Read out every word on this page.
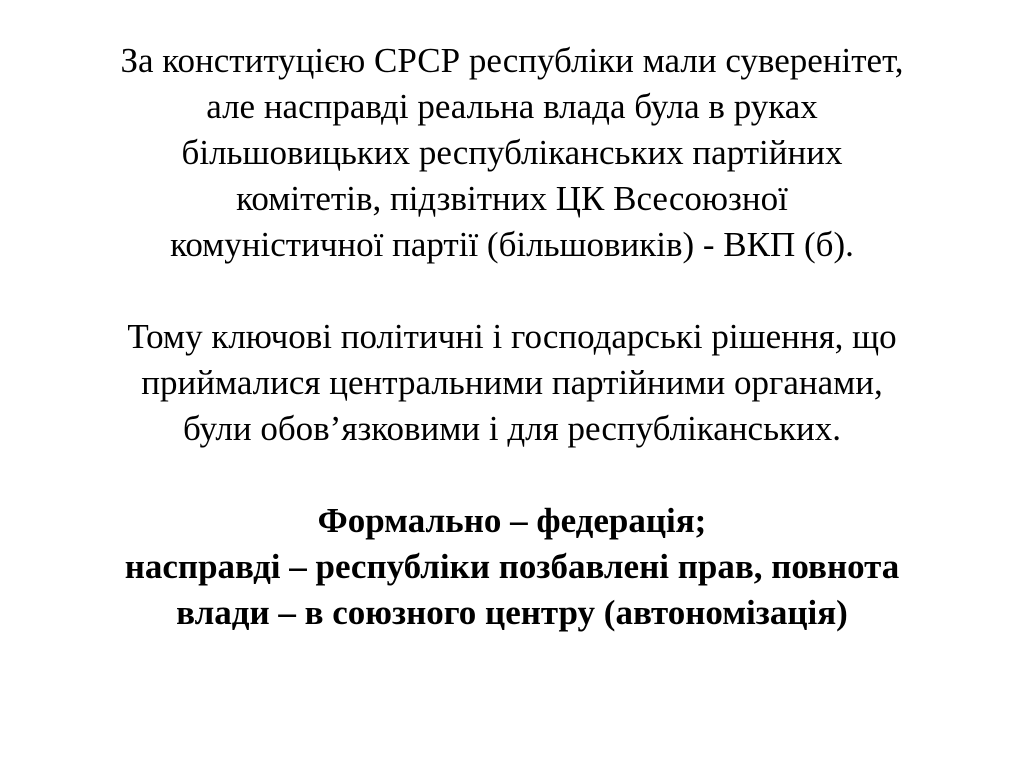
За конституцією СРСР республіки мали суверенітет,
але насправді реальна влада була в руках
більшовицьких республіканських партійних
комітетів, підзвітних ЦК Всесоюзної
комуністичної партії (більшовиків) - ВКП (б).

Тому ключові політичні і господарські рішення, що
приймалися центральними партійними органами,
були обов’язковими і для республіканських.

Формально – федерація;
насправді – республіки позбавлені прав, повнота
влади – в союзного центру (автономізація)
